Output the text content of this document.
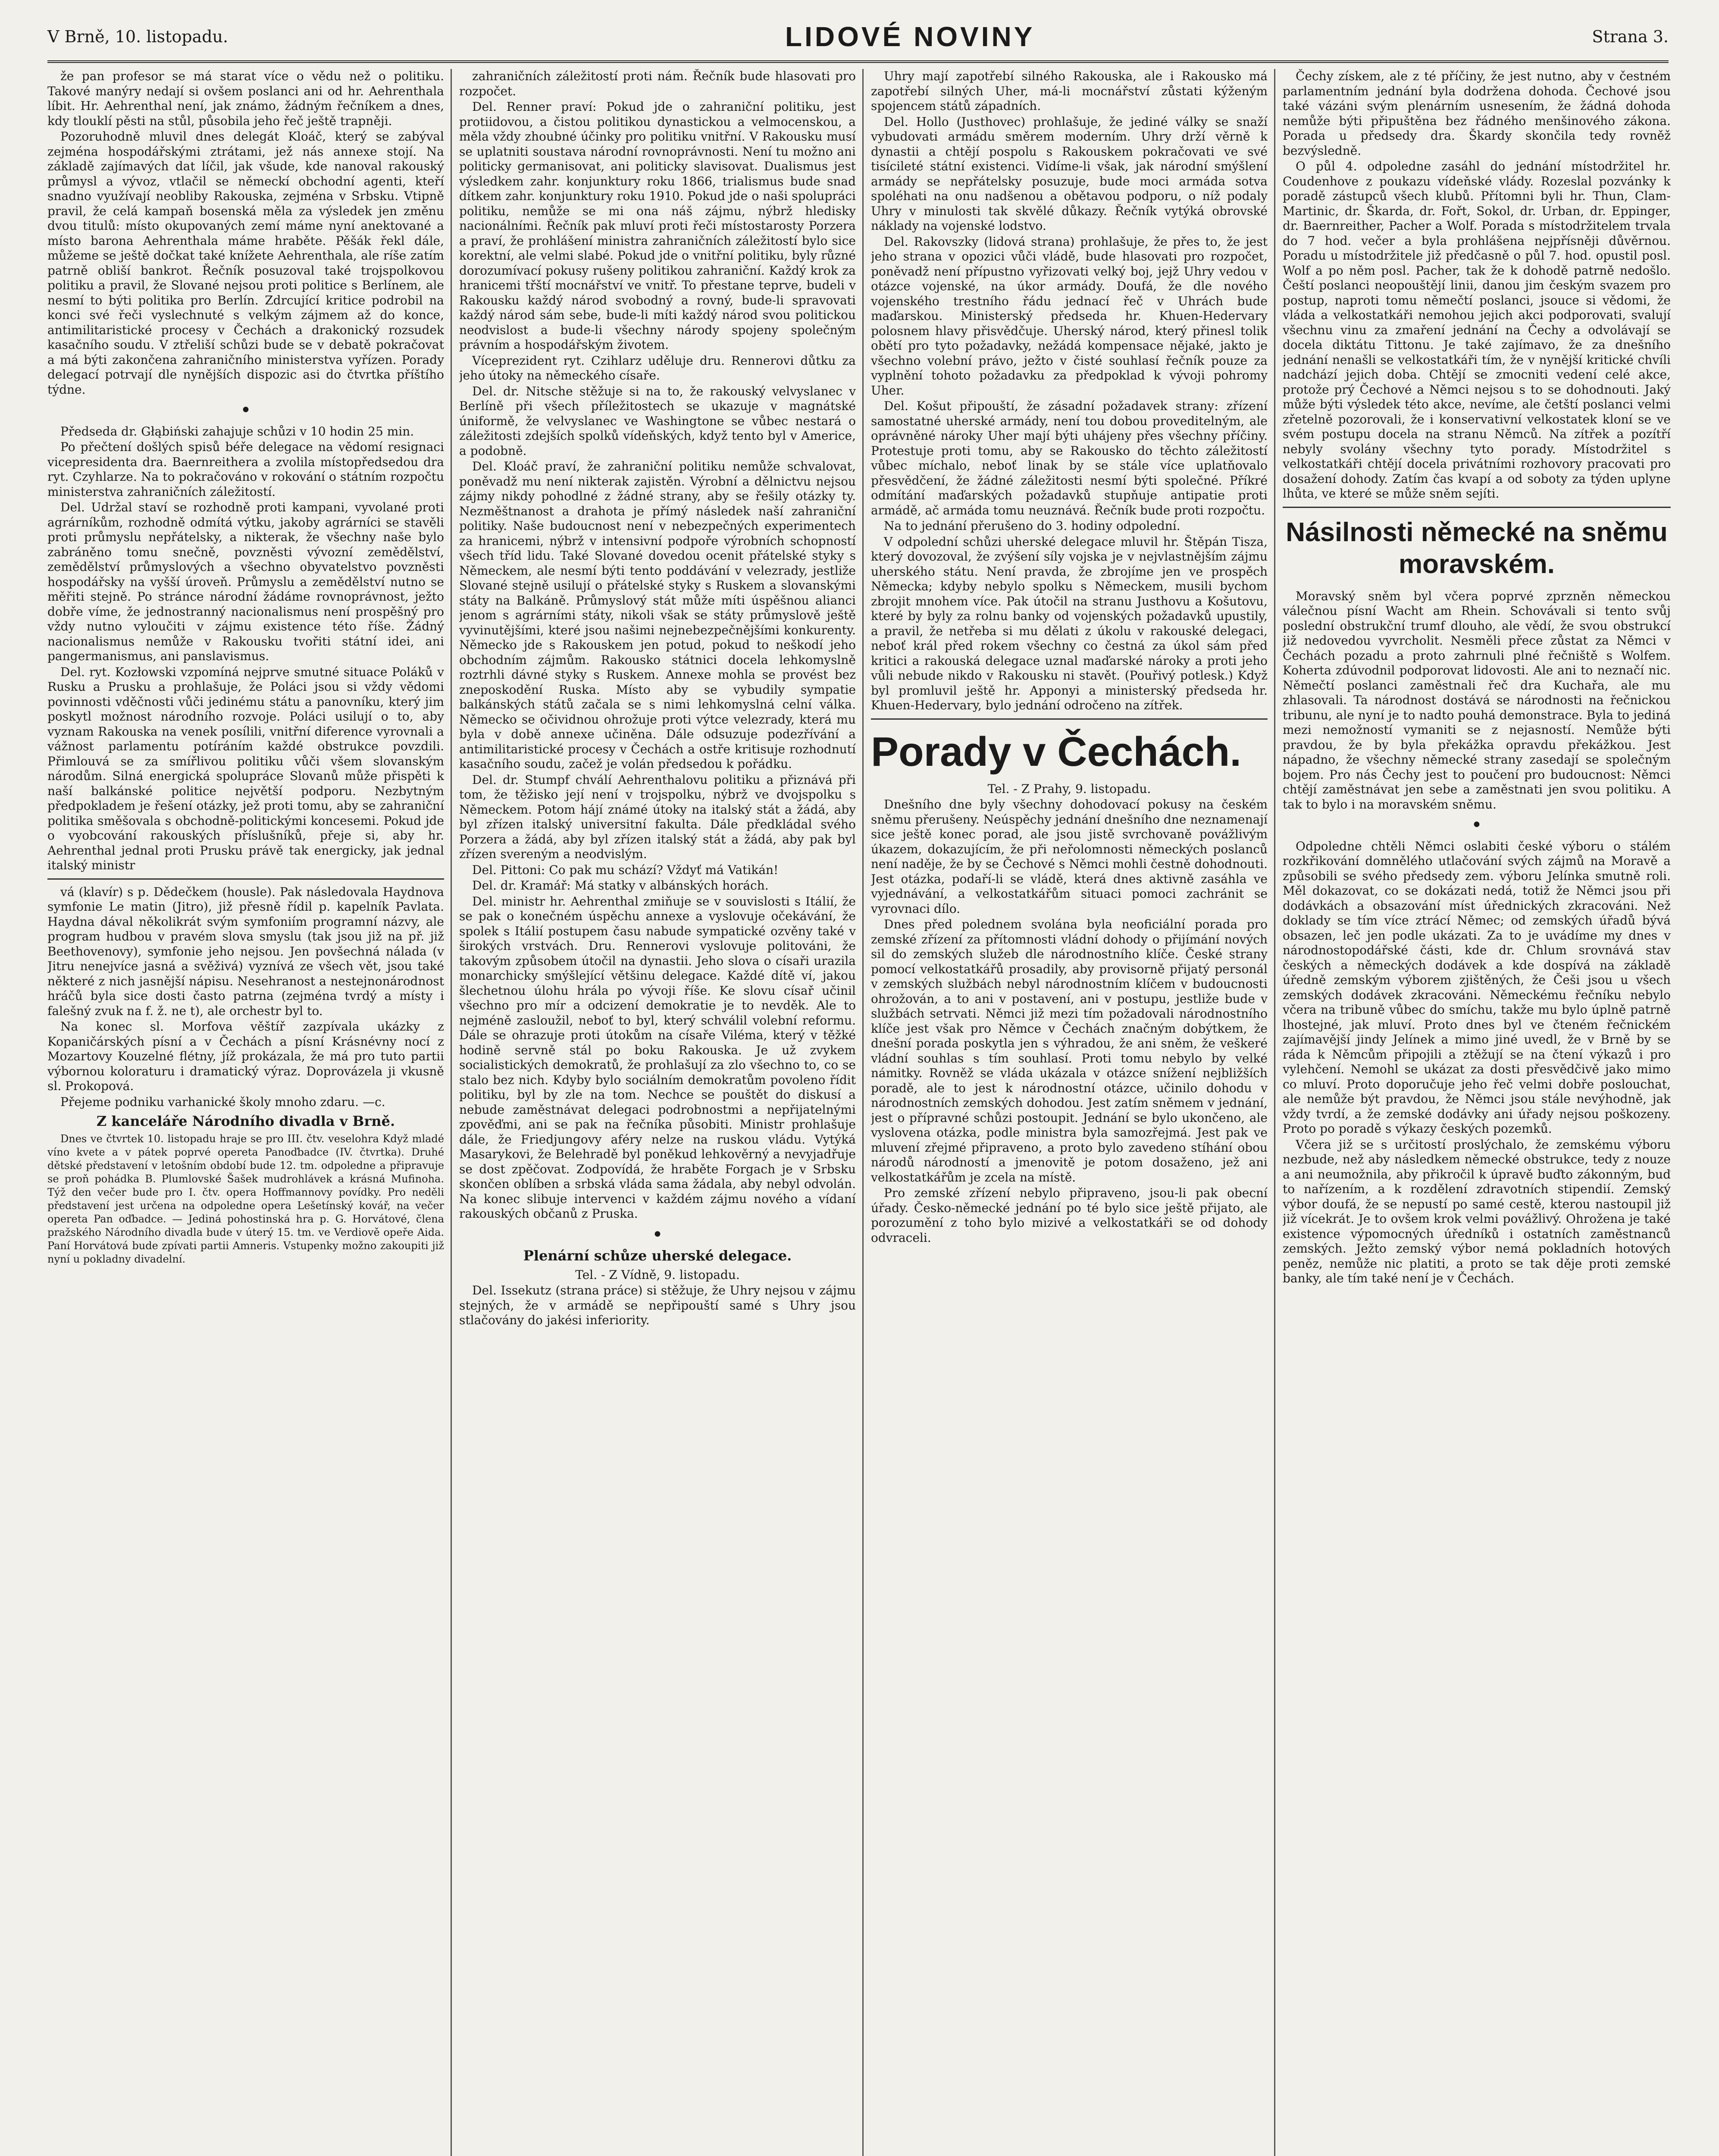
V Brně, 10. listopadu.	LIDOVÉ NOVINY	Strana 3.

že pan profesor se má starat více o vědu než o politiku. Takové manýry nedají si ovšem poslanci ani od hr. Aehrenthala líbit. Hr. Aehrenthal není, jak známo, žádným řečníkem a dnes, kdy tlouklí pěsti na stůl, působila jeho řeč ještě trapněji.

Pozoruhodně mluvil dnes delegát Kloáč, který se zabýval zejména hospodářskými ztrátami, jež nás annexe stojí. Na základě zajímavých dat líčil, jak všude, kde nanoval rakouský průmysl a vývoz, vtlačil se německí obchodní agenti, kteří snadno využívají neobliby Rakouska, zejména v Srbsku. Vtipně pravil, že celá kampaň bosenská měla za výsledek jen změnu dvou titulů: místo okupovaných zemí máme nyní anektované a místo barona Aehrenthala máme hraběte. Pěšák řekl dále, můžeme se ještě dočkat také knížete Aehrenthala, ale ríše zatím patrně obliší bankrot. Řečník posuzoval také trojspolkovou politiku a pravil, že Slované nejsou proti politice s Berlínem, ale nesmí to býti politika pro Berlín. Zdrcující kritice podrobil na konci své řeči vyslechnuté s velkým zájmem až do konce, antimilitaristické procesy v Čechách a drakonický rozsudek kasačního soudu. V ztřeliší schůzi bude se v debatě pokračovat a má býti zakončena zahraničního ministerstva vyřízen. Porady delegací potrvají dle nynějších dispozic asi do čtvrtka příštího týdne.

•

Předseda dr. Głąbiński zahajuje schůzi v 10 hodin 25 min.

Po přečtení došlých spisů béře delegace na vědomí resignaci vicepresidenta dra. Baernreithera a zvolila místopředsedou dra ryt. Czyhlarze. Na to pokračováno v rokování o státním rozpočtu ministerstva zahraničních záležitostí.

Del. Udržal staví se rozhodně proti kampani, vyvolané proti agrárníkům, rozhodně odmítá výtku, jakoby agrárníci se stavěli proti průmyslu nepřátelsky, a nikterak, že všechny naše bylo zabráněno tomu snečně, povzněsti vývozní zemědělství, zemědělství průmyslových a všechno obyvatelstvo povzněsti hospodářsky na vyšší úroveň. Průmyslu a zemědělství nutno se měřiti stejně. Po stránce národní žádáme rovnoprávnost, ježto dobře víme, že jednostranný nacionalismus není prospěšný pro vždy nutno vyloučiti v zájmu existence této říše. Žádný nacionalismus nemůže v Rakousku tvořiti státní idei, ani pangermanismus, ani panslavismus.

Del. ryt. Kozłowski vzpomíná nejprve smutné situace Poláků v Rusku a Prusku a prohlašuje, že Poláci jsou si vždy vědomi povinnosti vděčnosti vůči jedinému státu a panovníku, který jim poskytl možnost národního rozvoje. Poláci usilují o to, aby vyznam Rakouska na venek posílili, vnitřní diference vyrovnali a vážnost parlamentu potíráním každé obstrukce povzdili. Přimlouvá se za smířlivou politiku vůči všem slovanským národům. Silná energická spolupráce Slovanů může přispěti k naší balkánské politice největší podporu. Nezbytným předpokladem je řešení otázky, jež proti tomu, aby se zahraniční politika směšovala s obchodně-politickými koncesemi. Pokud jde o vyobcování rakouských příslušníků, přeje si, aby hr. Aehrenthal jednal proti Prusku právě tak energicky, jak jednal italský ministr

vá (klavír) s p. Dědečkem (housle). Pak následovala Haydnova symfonie Le matin (Jitro), již přesně řídil p. kapelník Pavlata. Haydna dával několikrát svým symfoniím programní názvy, ale program hudbou v pravém slova smyslu (tak jsou již na př. již Beethovenovy), symfonie jeho nejsou. Jen povšechná nálada (v Jitru nenejvíce jasná a svěživá) vyznívá ze všech vět, jsou také některé z nich jasnější nápisu. Nesehranost a nestejnonárodnost hráčů byla sice dosti často patrna (zejména tvrdý a místy i falešný zvuk na f. ž. ne t), ale orchestr byl to.

Na konec sl. Morfova věštíř zazpívala ukázky z Kopaničárských písní a v Čechách a písní Krásnévny nocí z Mozartovy Kouzelné flétny, jíž prokázala, že má pro tuto partii výbornou koloraturu i dramatický výraz. Doprovázela ji vkusně sl. Prokopová.

Přejeme podniku varhanické školy mnoho zdaru. —c.

Z kanceláře Národního divadla v Brně.

Dnes ve čtvrtek 10. listopadu hraje se pro III. čtv. veselohra Když mladé víno kvete a v pátek poprvé opereta Panoďbadce (IV. čtvrtka). Druhé dětské představení v letošním období bude 12. tm. odpoledne a připravuje se proň pohádka B. Plumlovské Šašek mudrohlávek a krásná Mufinoha. Týž den večer bude pro I. čtv. opera Hoffmannovy povídky. Pro neděli představení jest určena na odpoledne opera Lešetínský kovář, na večer opereta Pan oďbadce. — Jediná pohostinská hra p. G. Horvátové, člena pražského Národního divadla bude v úterý 15. tm. ve Verdiově opeře Aida. Paní Horvátová bude zpívati partii Amneris. Vstupenky možno zakoupiti již nyní u pokladny divadelní.

zahraničních záležitostí proti nám. Řečník bude hlasovati pro rozpočet.

Del. Renner praví: Pokud jde o zahraniční politiku, jest protiidovou, a čistou politikou dynastickou a velmocenskou, a měla vždy zhoubné účinky pro politiku vnitřní. V Rakousku musí se uplatniti soustava národní rovnoprávnosti. Není tu možno ani politicky germanisovat, ani politicky slavisovat. Dualismus jest výsledkem zahr. konjunktury roku 1866, trialismus bude snad dítkem zahr. konjunktury roku 1910. Pokud jde o naši spolupráci politiku, nemůže se mi ona náš zájmu, nýbrž hledisky nacionálními. Řečník pak mluví proti řeči místostarosty Porzera a praví, že prohlášení ministra zahraničních záležitostí bylo sice korektní, ale velmi slabé. Pokud jde o vnitřní politiku, byly různé dorozumívací pokusy rušeny politikou zahraniční. Každý krok za hranicemi třští mocnářství ve vnitř. To přestane teprve, budeli v Rakousku každý národ svobodný a rovný, bude-li spravovati každý národ sám sebe, bude-li míti každý národ svou politickou neodvislost a bude-li všechny národy spojeny společným právním a hospodářským životem.

Víceprezident ryt. Czihlarz uděluje dru. Rennerovi důtku za jeho útoky na německého císaře.

Del. dr. Nitsche stěžuje si na to, že rakouský velvyslanec v Berlíně při všech příležitostech se ukazuje v magnátské úniformě, že velvyslanec ve Washingtone se vůbec nestará o záležitosti zdejších spolků vídeňských, když tento byl v Americe, a podobně.

Del. Kloáč praví, že zahraniční politiku nemůže schvalovat, poněvadž mu není nikterak zajistěn. Výrobní a dělnictvu nejsou zájmy nikdy pohodlné z žádné strany, aby se řešily otázky ty. Nezměštnanost a drahota je přímý následek naší zahraniční politiky. Naše budoucnost není v nebezpečných experimentech za hranicemi, nýbrž v intensivní podpoře výrobních schopností všech tříd lidu. Také Slované dovedou ocenit přátelské styky s Německem, ale nesmí býti tento poddávání v velezrady, jestliže Slované stejně usilují o přátelské styky s Ruskem a slovanskými státy na Balkáně. Průmyslový stát může míti úspěšnou alianci jenom s agrárními státy, nikoli však se státy průmyslově ještě vyvinutějšími, které jsou našimi nejnebezpečnějšími konkurenty. Německo jde s Rakouskem jen potud, pokud to neškodí jeho obchodním zájmům. Rakousko státnici docela lehkomyslně roztrhli dávné styky s Ruskem. Annexe mohla se provést bez zneposkodění Ruska. Místo aby se vybudily sympatie balkánských států začala se s nimi lehkomyslná celní válka. Německo se očividnou ohrožuje proti výtce velezrady, která mu byla v době annexe učiněna. Dále odsuzuje podezřívání a antimilitaristické procesy v Čechách a ostře kritisuje rozhodnutí kasačního soudu, začež je volán předsedou k pořádku.

Del. dr. Stumpf chválí Aehrenthalovu politiku a přiznává při tom, že těžisko její není v trojspolku, nýbrž ve dvojspolku s Německem. Potom hájí známé útoky na italský stát a žádá, aby byl zřízen italský universitní fakulta. Dále předkládal svého Porzera a žádá, aby byl zřízen italský stát a žádá, aby pak byl zřízen svereným a neodvislým.

Del. Pittoni: Co pak mu schází? Vždyť má Vatikán!

Del. dr. Kramář: Má statky v albánských horách.

Del. ministr hr. Aehrenthal zmiňuje se v souvislosti s Itálií, že se pak o konečném úspěchu annexe a vyslovuje očekávání, že spolek s Itálií postupem času nabude sympatické ozvěny také v širokých vrstvách. Dru. Rennerovi vyslovuje politováni, že takovým způsobem útočil na dynastii. Jeho slova o císaři urazila monarchicky smýšlející většinu delegace. Každé dítě ví, jakou šlechetnou úlohu hrála po vývoji říše. Ke slovu císař učinil všechno pro mír a odcizení demokratie je to nevděk. Ale to nejméně zasloužil, neboť to byl, který schválil volební reformu. Dále se ohrazuje proti útokům na císaře Viléma, který v těžké hodině servně stál po boku Rakouska. Je už zvykem socialistických demokratů, že prohlašují za zlo všechno to, co se stalo bez nich. Kdyby bylo sociálním demokratům povoleno řídit politiku, byl by zle na tom. Nechce se pouštět do diskusí a nebude zaměstnávat delegaci podrobnostmi a nepřijatelnými zpověďmi, ani se pak na řečníka působiti. Ministr prohlašuje dále, že Friedjungovy aféry nelze na ruskou vládu. Vytýká Masarykovi, že Belehradě byl poněkud lehkověrný a nevyjadřuje se dost zpěčovat. Zodpovídá, že hraběte Forgach je v Srbsku skončen oblíben a srbská vláda sama žádala, aby nebyl odvolán. Na konec slibuje intervenci v každém zájmu nového a vídaní rakouských občanů z Pruska.

•
Plenární schůze uherské delegace.

Tel. - Z Vídně, 9. listopadu.

Del. Issekutz (strana práce) si stěžuje, že Uhry nejsou v zájmu stejných, že v armádě se nepřipouští samé s Uhry jsou stlačovány do jakési inferiority.

Uhry mají zapotřebí silného Rakouska, ale i Rakousko má zapotřebí silných Uher, má-li mocnářství zůstati kýženým spojencem států západních.

Del. Hollo (Justhovec) prohlašuje, že jediné války se snaží vybudovati armádu směrem moderním. Uhry drží věrně k dynastii a chtějí pospolu s Rakouskem pokračovati ve své tisícileté státní existenci. Vidíme-li však, jak národní smýšlení armády se nepřátelsky posuzuje, bude moci armáda sotva spoléhati na onu nadšenou a obětavou podporu, o níž podaly Uhry v minulosti tak skvělé důkazy. Řečník vytýká obrovské náklady na vojenské lodstvo.

Del. Rakovszky (lidová strana) prohlašuje, že přes to, že jest jeho strana v opozici vůči vládě, bude hlasovati pro rozpočet, poněvadž není přípustno vyřizovati velký boj, jejž Uhry vedou v otázce vojenské, na úkor armády. Doufá, že dle nového vojenského trestního řádu jednací řeč v Uhrách bude maďarskou. Ministerský předseda hr. Khuen-Hedervary polosnem hlavy přisvědčuje. Uherský národ, který přinesl tolik obětí pro tyto požadavky, nežádá kompensace nějaké, jakto je všechno volební právo, ježto v čisté souhlasí řečník pouze za vyplnění tohoto požadavku za předpoklad k vývoji pohromy Uher.

Del. Košut připouští, že zásadní požadavek strany: zřízení samostatné uherské armády, není tou dobou proveditelným, ale oprávněné nároky Uher mají býti uhájeny přes všechny příčiny. Protestuje proti tomu, aby se Rakousko do těchto záležitostí vůbec míchalo, neboť linak by se stále více uplatňovalo přesvědčení, že žádné záležitosti nesmí býti společné. Příkré odmítání maďarských požadavků stupňuje antipatie proti armádě, ač armáda tomu neuznává. Řečník bude proti rozpočtu.

Na to jednání přerušeno do 3. hodiny odpolední.

V odpolední schůzi uherské delegace mluvil hr. Štěpán Tisza, který dovozoval, že zvýšení síly vojska je v nejvlastnějším zájmu uherského státu. Není pravda, že zbrojíme jen ve prospěch Německa; kdyby nebylo spolku s Německem, musili bychom zbrojit mnohem více. Pak útočil na stranu Justhovu a Košutovu, které by byly za rolnu banky od vojenských požadavků upustily, a pravil, že netřeba si mu dělati z úkolu v rakouské delegaci, neboť král před rokem všechny co čestná za úkol sám před kritici a rakouská delegace uznal maďarské nároky a proti jeho vůli nebude nikdo v Rakousku ni stavět. (Pouřivý potlesk.) Když byl promluvil ještě hr. Apponyi a ministerský předseda hr. Khuen-Hedervary, bylo jednání odročeno na zítřek.

Porady v Čechách.

Tel. - Z Prahy, 9. listopadu.

Dnešního dne byly všechny dohodovací pokusy na českém sněmu přerušeny. Neúspěchy jednání dnešního dne neznamenají sice ještě konec porad, ale jsou jistě svrchovaně povážlivým úkazem, dokazujícím, že při neřolomnosti německých poslanců není naděje, že by se Čechové s Němci mohli čestně dohodnouti. Jest otázka, podaří-li se vládě, která dnes aktivně zasáhla ve vyjednávání, a velkostatkářům situaci pomoci zachránit se vyrovnaci dílo.

Dnes před polednem svolána byla neoficiální porada pro zemské zřízení za přítomnosti vládní dohody o přijímání nových sil do zemských služeb dle národnostního klíče. České strany pomocí velkostatkářů prosadily, aby provisorně přijatý personál v zemských službách nebyl národnostním klíčem v budoucnosti ohrožován, a to ani v postavení, ani v postupu, jestliže bude v službách setrvati. Němci již mezi tím požadovali národnostního klíče jest však pro Němce v Čechách značným dobýtkem, že dnešní porada poskytla jen s výhradou, že ani sněm, že veškeré vládní souhlas s tím souhlasí. Proti tomu nebylo by velké námitky. Rovněž se vláda ukázala v otázce snížení nejbližších poradě, ale to jest k národnostní otázce, učinilo dohodu v národnostních zemských dohodou. Jest zatím sněmem v jednání, jest o přípravné schůzi postoupit. Jednání se bylo ukončeno, ale vyslovena otázka, podle ministra byla samozřejmá. Jest pak ve mluvení zřejmé připraveno, a proto bylo zavedeno stíhání obou národů národností a jmenovitě je potom dosaženo, jež ani velkostatkářům je zcela na místě.

Pro zemské zřízení nebylo připraveno, jsou-li pak obecní úřady. Česko-německé jednání po té bylo sice ještě přijato, ale porozumění z toho bylo mizivé a velkostatkáři se od dohody odvraceli.

Čechy získem, ale z té příčiny, že jest nutno, aby v čestném parlamentním jednání byla dodržena dohoda. Čechové jsou také vázáni svým plenárním usnesením, že žádná dohoda nemůže býti připuštěna bez řádného menšinového zákona. Porada u předsedy dra. Škardy skončila tedy rovněž bezvýsledně.

O půl 4. odpoledne zasáhl do jednání místodržitel hr. Coudenhove z poukazu vídeňské vlády. Rozeslal pozvánky k poradě zástupců všech klubů. Přítomni byli hr. Thun, Clam-Martinic, dr. Škarda, dr. Fořt, Sokol, dr. Urban, dr. Eppinger, dr. Baernreither, Pacher a Wolf. Porada s místodržitelem trvala do 7 hod. večer a byla prohlášena nejpřísněji důvěrnou. Poradu u místodržitele již předčasně o půl 7. hod. opustil posl. Wolf a po něm posl. Pacher, tak že k dohodě patrně nedošlo. Čeští poslanci neopouštějí linii, danou jim českým svazem pro postup, naproti tomu němečtí poslanci, jsouce si vědomi, že vláda a velkostatkáři nemohou jejich akci podporovati, svalují všechnu vinu za zmaření jednání na Čechy a odvolávají se docela diktátu Tittonu. Je také zajímavo, že za dnešního jednání nenašli se velkostatkáři tím, že v nynější kritické chvíli nadchází jejich doba. Chtějí se zmocniti vedení celé akce, protože prý Čechové a Němci nejsou s to se dohodnouti. Jaký může býti výsledek této akce, nevíme, ale četští poslanci velmi zřetelně pozorovali, že i konservativní velkostatek kloní se ve svém postupu docela na stranu Němců. Na zítřek a pozítří nebyly svolány všechny tyto porady. Místodržitel s velkostatkáři chtějí docela privátními rozhovory pracovati pro dosažení dohody. Zatím čas kvapí a od soboty za týden uplyne lhůta, ve které se může sněm sejíti.

Násilnosti německé na sněmu moravském.

Moravský sněm byl včera poprvé zprzněn německou válečnou písní Wacht am Rhein. Schovávali si tento svůj poslední obstrukční trumf dlouho, ale vědí, že svou obstrukcí již nedovedou vyvrcholit. Nesměli přece zůstat za Němci v Čechách pozadu a proto zahrnuli plné řečniště s Wolfem. Koherta zdúvodnil podporovat lidovosti. Ale ani to neznačí nic. Němečtí poslanci zaměstnali řeč dra Kuchařa, ale mu zhlasovali. Ta národnost dostává se národnosti na řečnickou tribunu, ale nyní je to nadto pouhá demonstrace. Byla to jediná mezi nemožností vymaniti se z nejasností. Nemůže býti pravdou, že by byla překážka opravdu překážkou. Jest nápadno, že všechny německé strany zasedají se společným bojem. Pro nás Čechy jest to poučení pro budoucnost: Němci chtějí zaměstnávat jen sebe a zaměstnati jen svou politiku. A tak to bylo i na moravském sněmu.

•

Odpoledne chtěli Němci oslabiti české výboru o stálém rozkřikování domnělého utlačování svých zájmů na Moravě a způsobili se svého předsedy zem. výboru Jelínka smutně roli. Měl dokazovat, co se dokázati nedá, totiž že Němci jsou při dodávkách a obsazování míst úřednických zkracováni. Než doklady se tím více ztrácí Němec; od zemských úřadů bývá obsazen, leč jen podle ukázati. Za to je uvádíme my dnes v národnostopodářské části, kde dr. Chlum srovnává stav českých a německých dodávek a kde dospívá na základě úředně zemským výborem zjištěných, že Češi jsou u všech zemských dodávek zkracováni. Německému řečníku nebylo včera na tribuně vůbec do smíchu, takže mu bylo úplně patrně lhostejné, jak mluví. Proto dnes byl ve čteném řečnickém zajímavější jindy Jelínek a mimo jiné uvedl, že v Brně by se ráda k Němcům připojili a ztěžují se na čtení výkazů i pro vylehčení. Nemohl se ukázat za dosti přesvědčivě jako mimo co mluví. Proto doporučuje jeho řeč velmi dobře poslouchat, ale nemůže být pravdou, že Němci jsou stále nevýhodně, jak vždy tvrdí, a že zemské dodávky ani úřady nejsou poškozeny. Proto po poradě s výkazy českých pozemků.

Včera již se s určitostí proslýchalo, že zemskému výboru nezbude, než aby následkem německé obstrukce, tedy z nouze a ani neumožnila, aby přikročil k úpravě buďto zákonným, buď to nařízením, a k rozdělení zdravotních stipendií. Zemský výbor doufá, že se nepustí po samé cestě, kterou nastoupil již již vícekrát. Je to ovšem krok velmi povážlivý. Ohrožena je také existence výpomocných úředníků i ostatních zaměstnanců zemských. Ježto zemský výbor nemá pokladních hotových peněz, nemůže nic platiti, a proto se tak děje proti zemské banky, ale tím také není je v Čechách.
